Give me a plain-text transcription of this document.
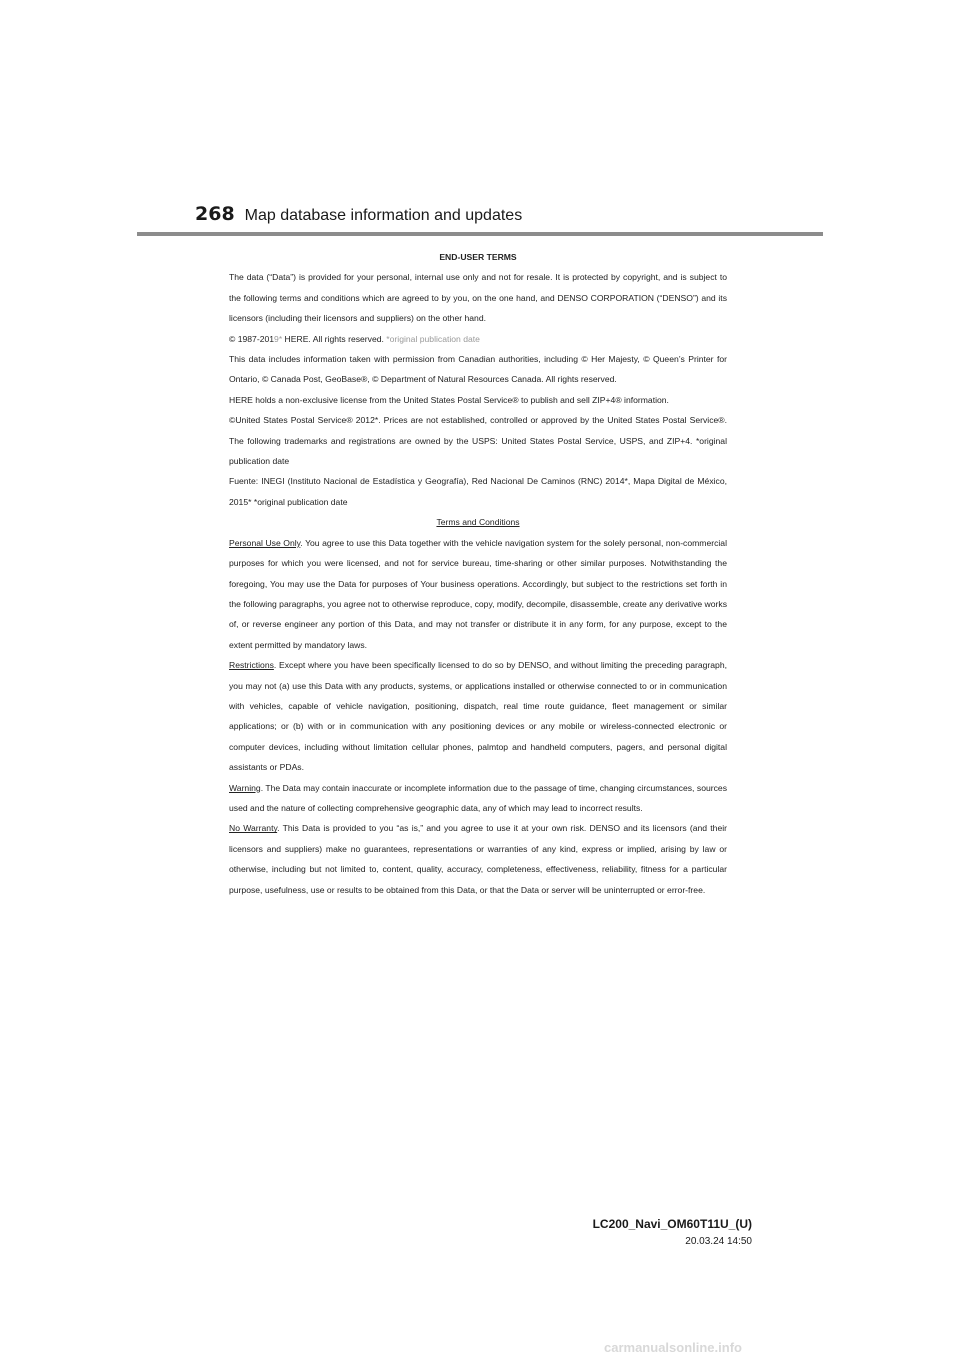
268 Map database information and updates

END-USER TERMS

The data (“Data”) is provided for your personal, internal use only and not for resale. It is protected by copyright, and is subject to the following terms and conditions which are agreed to by you, on the one hand, and DENSO CORPORATION (“DENSO”) and its licensors (including their licensors and suppliers) on the other hand.

© 1987-2019* HERE. All rights reserved. *original publication date

This data includes information taken with permission from Canadian authorities, including © Her Majesty, © Queen’s Printer for Ontario, © Canada Post, GeoBase®, © Department of Natural Resources Canada. All rights reserved.

HERE holds a non-exclusive license from the United States Postal Service® to publish and sell ZIP+4® information.

©United States Postal Service® 2012*. Prices are not established, controlled or approved by the United States Postal Service®. The following trademarks and registrations are owned by the USPS: United States Postal Service, USPS, and ZIP+4. *original publication date

Fuente: INEGI (Instituto Nacional de Estadística y Geografía), Red Nacional De Caminos (RNC) 2014*, Mapa Digital de México, 2015* *original publication date

Terms and Conditions

Personal Use Only. You agree to use this Data together with the vehicle navigation system for the solely personal, non-commercial purposes for which you were licensed, and not for service bureau, time-sharing or other similar purposes. Notwithstanding the foregoing, You may use the Data for purposes of Your business operations. Accordingly, but subject to the restrictions set forth in the following paragraphs, you agree not to otherwise reproduce, copy, modify, decompile, disassemble, create any derivative works of, or reverse engineer any portion of this Data, and may not transfer or distribute it in any form, for any purpose, except to the extent permitted by mandatory laws.

Restrictions. Except where you have been specifically licensed to do so by DENSO, and without limiting the preceding paragraph, you may not (a) use this Data with any products, systems, or applications installed or otherwise connected to or in communication with vehicles, capable of vehicle navigation, positioning, dispatch, real time route guidance, fleet management or similar applications; or (b) with or in communication with any positioning devices or any mobile or wireless-connected electronic or computer devices, including without limitation cellular phones, palmtop and handheld computers, pagers, and personal digital assistants or PDAs.

Warning. The Data may contain inaccurate or incomplete information due to the passage of time, changing circumstances, sources used and the nature of collecting comprehensive geographic data, any of which may lead to incorrect results.

No Warranty. This Data is provided to you “as is,” and you agree to use it at your own risk. DENSO and its licensors (and their licensors and suppliers) make no guarantees, representations or warranties of any kind, express or implied, arising by law or otherwise, including but not limited to, content, quality, accuracy, completeness, effectiveness, reliability, fitness for a particular purpose, usefulness, use or results to be obtained from this Data, or that the Data or server will be uninterrupted or error-free.

LC200_Navi_OM60T11U_(U)
20.03.24 14:50
carmanualsonline.info
